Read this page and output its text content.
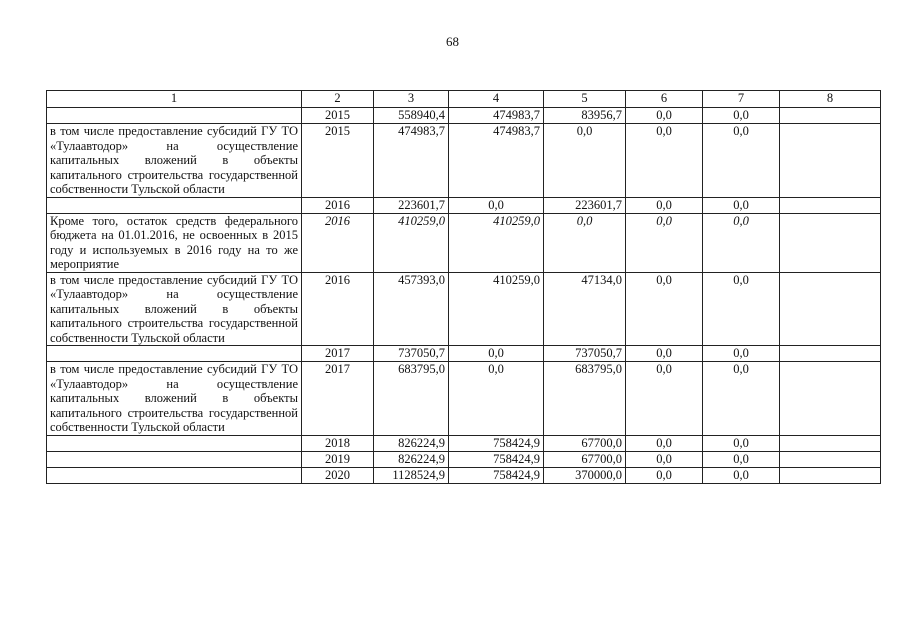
68
1	2	3	4	5	6	7	8
	2015	558940,4	474983,7	83956,7	0,0	0,0	
в том числе предоставление субсидий ГУ ТО «Тулаавтодор» на осуществление капитальных вложений в объекты капитального строительства государственной собственности Тульской области	2015	474983,7	474983,7	0,0	0,0	0,0	
	2016	223601,7	0,0	223601,7	0,0	0,0	
Кроме того, остаток средств федерального бюджета на 01.01.2016, не освоенных в 2015 году и используемых в 2016 году на то же мероприятие	2016	410259,0	410259,0	0,0	0,0	0,0	
в том числе предоставление субсидий ГУ ТО «Тулаавтодор» на осуществление капитальных вложений в объекты капитального строительства государственной собственности Тульской области	2016	457393,0	410259,0	47134,0	0,0	0,0	
	2017	737050,7	0,0	737050,7	0,0	0,0	
в том числе предоставление субсидий ГУ ТО «Тулаавтодор» на осуществление капитальных вложений в объекты капитального строительства государственной собственности Тульской области	2017	683795,0	0,0	683795,0	0,0	0,0	
	2018	826224,9	758424,9	67700,0	0,0	0,0	
	2019	826224,9	758424,9	67700,0	0,0	0,0	
	2020	1128524,9	758424,9	370000,0	0,0	0,0	
